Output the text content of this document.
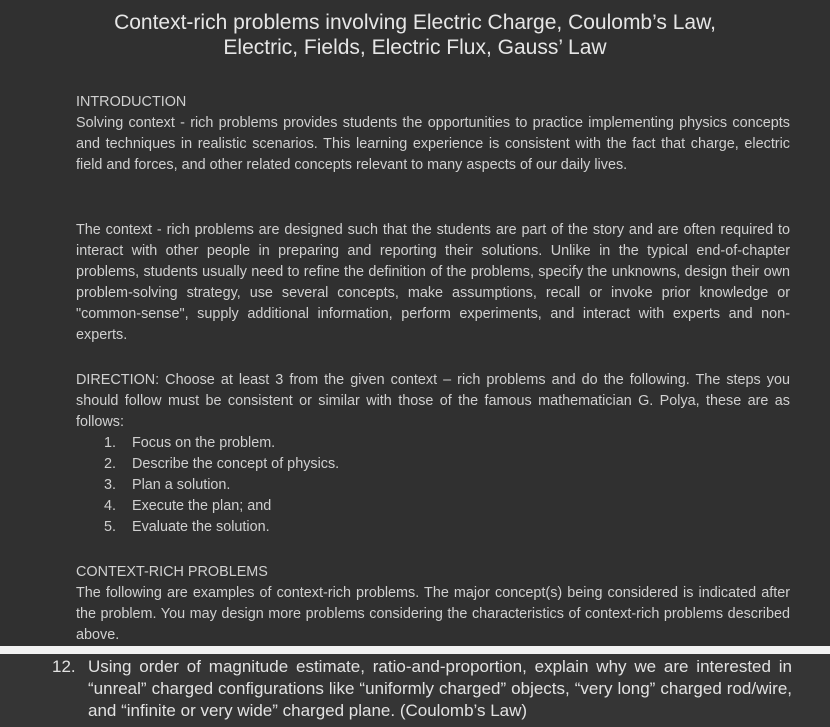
Context-rich problems involving Electric Charge, Coulomb’s Law,
Electric, Fields, Electric Flux, Gauss’ Law

INTRODUCTION

Solving context - rich problems provides students the opportunities to practice implementing physics concepts and techniques in realistic scenarios. This learning experience is consistent with the fact that charge, electric field and forces, and other related concepts relevant to many aspects of our daily lives.

The context - rich problems are designed such that the students are part of the story and are often required to interact with other people in preparing and reporting their solutions. Unlike in the typical end-of-chapter problems, students usually need to refine the definition of the problems, specify the unknowns, design their own problem-solving strategy, use several concepts, make assumptions, recall or invoke prior knowledge or "common-sense", supply additional information, perform experiments, and interact with experts and non-experts.

DIRECTION: Choose at least 3 from the given context – rich problems and do the following. The steps you should follow must be consistent or similar with those of the famous mathematician G. Polya, these are as follows:

1. Focus on the problem.
2. Describe the concept of physics.
3. Plan a solution.
4. Execute the plan; and
5. Evaluate the solution.

CONTEXT-RICH PROBLEMS

The following are examples of context-rich problems. The major concept(s) being considered is indicated after the problem. You may design more problems considering the characteristics of context-rich problems described above.

12. Using order of magnitude estimate, ratio-and-proportion, explain why we are interested in “unreal” charged configurations like “uniformly charged” objects, “very long” charged rod/wire, and “infinite or very wide” charged plane. (Coulomb’s Law)
